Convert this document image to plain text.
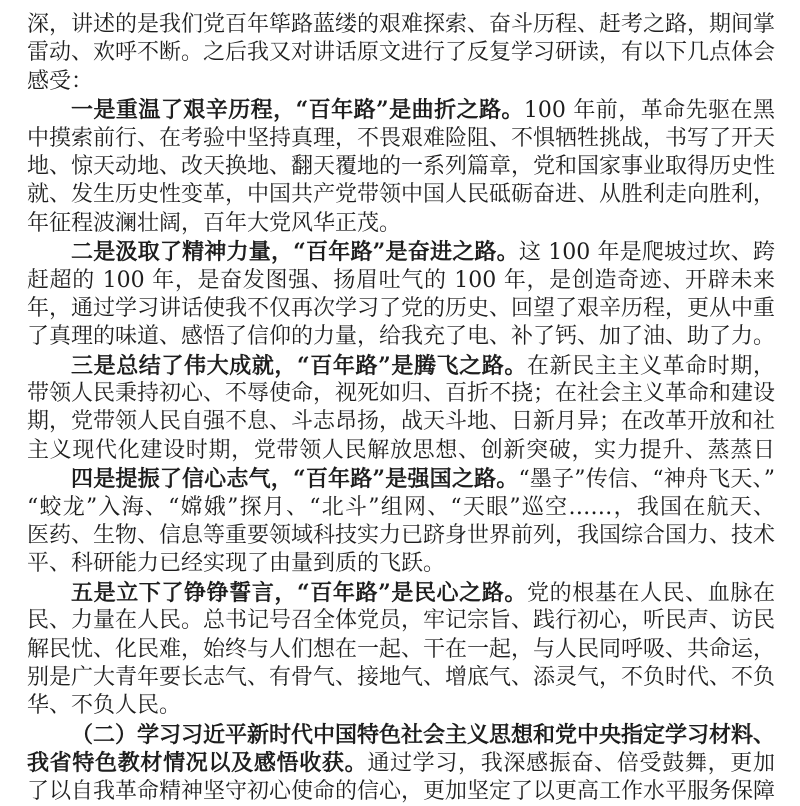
深，讲述的是我们党百年筚路蓝缕的艰难探索、奋斗历程、赶考之路，期间掌
雷动、欢呼不断。之后我又对讲话原文进行了反复学习研读，有以下几点体会
感受：
一是重温了艰辛历程，“百年路”是曲折之路。100 年前，革命先驱在黑
中摸索前行、在考验中坚持真理，不畏艰难险阻、不惧牺牲挑战，书写了开天
地、惊天动地、改天换地、翻天覆地的一系列篇章，党和国家事业取得历史性
就、发生历史性变革，中国共产党带领中国人民砥砺奋进、从胜利走向胜利，
年征程波澜壮阔，百年大党风华正茂。
二是汲取了精神力量，“百年路”是奋进之路。这 100 年是爬坡过坎、跨
赶超的 100 年，是奋发图强、扬眉吐气的 100 年，是创造奇迹、开辟未来
年，通过学习讲话使我不仅再次学习了党的历史、回望了艰辛历程，更从中重
了真理的味道、感悟了信仰的力量，给我充了电、补了钙、加了油、助了力。
三是总结了伟大成就，“百年路”是腾飞之路。在新民主主义革命时期，
带领人民秉持初心、不辱使命，视死如归、百折不挠；在社会主义革命和建设
期，党带领人民自强不息、斗志昂扬，战天斗地、日新月异；在改革开放和社
主义现代化建设时期，党带领人民解放思想、创新突破，实力提升、蒸蒸日
四是提振了信心志气，“百年路”是强国之路。“墨子”传信、“神舟飞天、”
“蛟龙”入海、“嫦娥”探月、“北斗”组网、“天眼”巡空……，我国在航天、
医药、生物、信息等重要领域科技实力已跻身世界前列，我国综合国力、技术
平、科研能力已经实现了由量到质的飞跃。
五是立下了铮铮誓言，“百年路”是民心之路。党的根基在人民、血脉在
民、力量在人民。总书记号召全体党员，牢记宗旨、践行初心，听民声、访民
解民忧、化民难，始终与人们想在一起、干在一起，与人民同呼吸、共命运，
别是广大青年要长志气、有骨气、接地气、增底气、添灵气，不负时代、不负
华、不负人民。
（二）学习习近平新时代中国特色社会主义思想和党中央指定学习材料、
我省特色教材情况以及感悟收获。通过学习，我深感振奋、倍受鼓舞，更加
了以自我革命精神坚守初心使命的信心，更加坚定了以更高工作水平服务保障
